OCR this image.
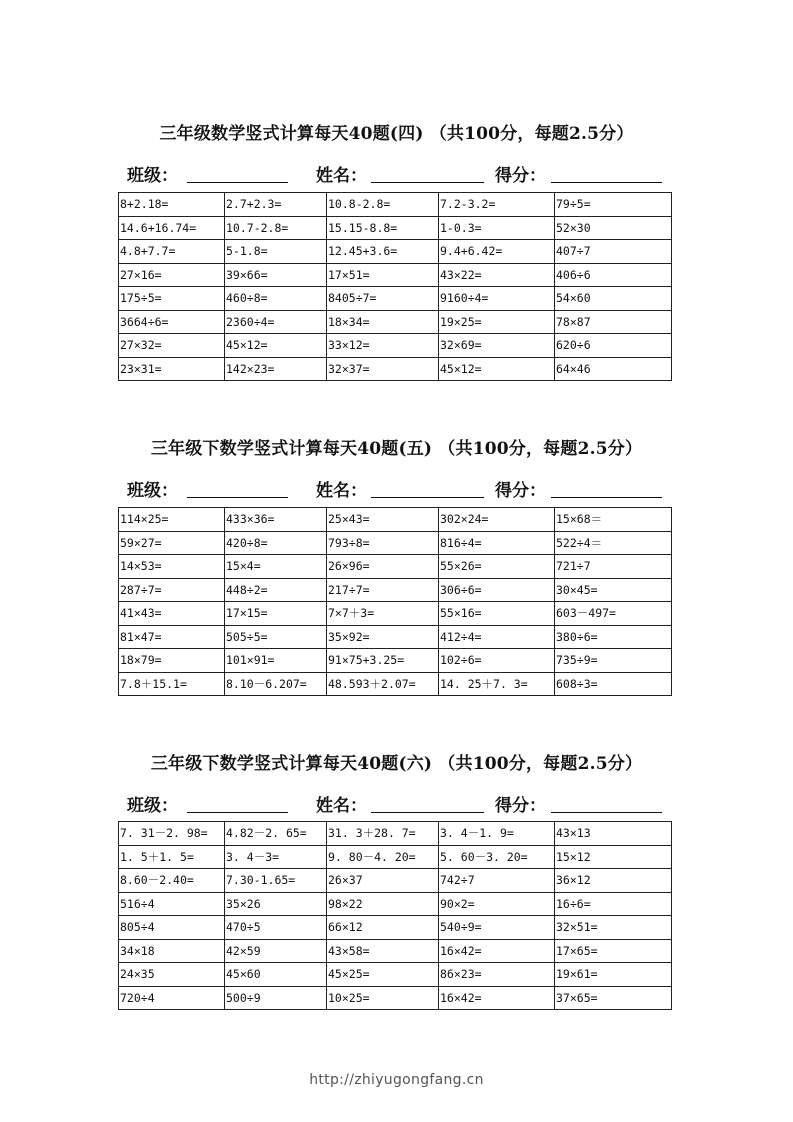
三年级数学竖式计算每天40题(四) （共100分，每题2.5分）
班级：	姓名：	得分：
8+2.18=	2.7+2.3=	10.8-2.8=	7.2-3.2=	79÷5=
14.6+16.74=	10.7-2.8=	15.15-8.8=	1-0.3=	52×30
4.8+7.7=	5-1.8=	12.45+3.6=	9.4+6.42=	407÷7
27×16=	39×66=	17×51=	43×22=	406÷6
175÷5=	460÷8=	8405÷7=	9160÷4=	54×60
3664÷6=	2360÷4=	18×34=	19×25=	78×87
27×32=	45×12=	33×12=	32×69=	620÷6
23×31=	142×23=	32×37=	45×12=	64×46
三年级下数学竖式计算每天40题(五) （共100分，每题2.5分）
班级：	姓名：	得分：
114×25=	433×36=	25×43=	302×24=	15×68＝
59×27=	420÷8=	793÷8=	816÷4=	522÷4＝
14×53=	15×4=	26×96=	55×26=	721÷7
287÷7=	448÷2=	217÷7=	306÷6=	30×45=
41×43=	17×15=	7×7＋3=	55×16=	603－497=
81×47=	505÷5=	35×92=	412÷4=	380÷6=
18×79=	101×91=	91×75+3.25=	102÷6=	735÷9=
7.8＋15.1=	8.10－6.207=	48.593＋2.07=	14. 25＋7. 3=	608÷3=
三年级下数学竖式计算每天40题(六) （共100分，每题2.5分）
班级：	姓名：	得分：
7. 31－2. 98=	4.82－2. 65=	31. 3＋28. 7=	3. 4－1. 9=	43×13
1. 5＋1. 5=	3. 4－3=	9. 80－4. 20=	5. 60－3. 20=	15×12
8.60－2.40=	7.30-1.65=	26×37	742÷7	36×12
516÷4	35×26	98×22	90×2=	16÷6=
805÷4	470÷5	66×12	540÷9=	32×51=
34×18	42×59	43×58=	16×42=	17×65=
24×35	45×60	45×25=	86×23=	19×61=
720÷4	500÷9	10×25=	16×42=	37×65=
http://zhiyugongfang.cn
